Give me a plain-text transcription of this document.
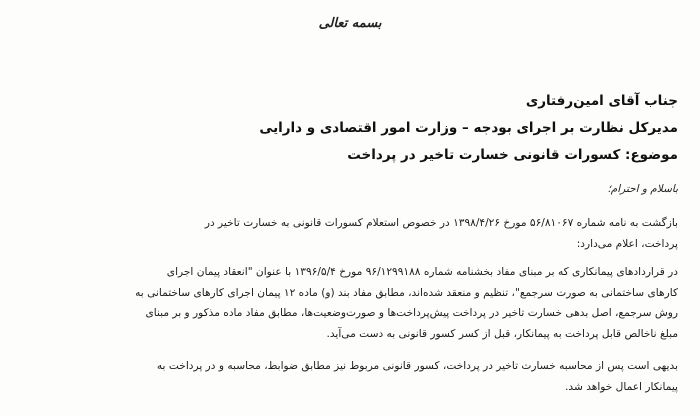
بسمه تعالی
جناب آقای امین‌رفتاری
مدیرکل نظارت بر اجرای بودجه – وزارت امور اقتصادی و دارایی
موضوع: کسورات قانونی خسارت تاخیر در پرداخت
باسلام و احترام؛
بازگشت به نامه شماره ۵۶/۸۱۰۶۷ مورخ ۱۳۹۸/۴/۲۶ در خصوص استعلام کسورات قانونی به خسارت تاخیر در
پرداخت، اعلام می‌دارد:
در قراردادهای پیمانکاری که بر مبنای مفاد بخشنامه شماره ۹۶/۱۲۹۹۱۸۸ مورخ ۱۳۹۶/۵/۴ با عنوان "انعقاد پیمان اجرای
کارهای ساختمانی به صورت سرجمع"، تنظیم و منعقد شده‌اند، مطابق مفاد بند (و) ماده ۱۲ پیمان اجرای کارهای ساختمانی به
روش سرجمع، اصل بدهی خسارت تاخیر در پرداخت پیش‌پرداخت‌ها و صورت‌وضعیت‌ها، مطابق مفاد ماده مذکور و بر مبنای
مبلغ ناخالص قابل پرداخت به پیمانکار، قبل از کسر کسور قانونی به دست می‌آید.
بدیهی است پس از محاسبه خسارت تاخیر در پرداخت، کسور قانونی مربوط نیز مطابق ضوابط، محاسبه و در پرداخت به
پیمانکار اعمال خواهد شد.
